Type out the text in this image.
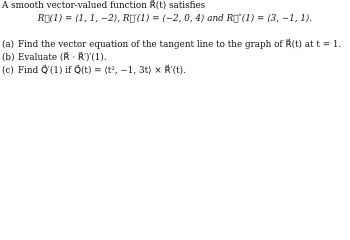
A smooth vector-valued function R⃗(t) satisfies
R⃗(1) = ⟨1, 1, −2⟩, R⃗′(1) = ⟨−2, 0, 4⟩ and R⃗″(1) = ⟨3, −1, 1⟩.
(a) Find the vector equation of the tangent line to the graph of R⃗(t) at t = 1.
(b) Evaluate (R⃗ · R⃗′)′(1).
(c) Find Q⃗′(1) if Q⃗(t) = ⟨t², −1, 3t⟩ × R⃗′(t).
